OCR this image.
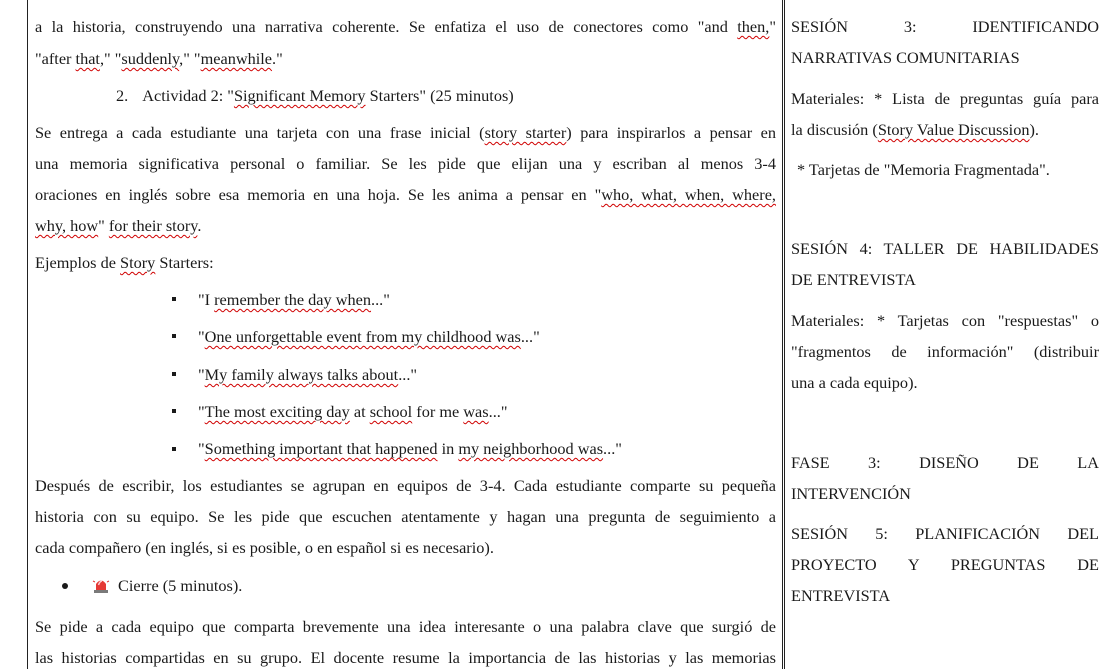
a la historia, construyendo una narrativa coherente. Se enfatiza el uso de conectores como "and then,"
"after that," "suddenly," "meanwhile."
2. Actividad 2: "Significant Memory Starters" (25 minutos)
Se entrega a cada estudiante una tarjeta con una frase inicial (story starter) para inspirarlos a pensar en
una memoria significativa personal o familiar. Se les pide que elijan una y escriban al menos 3-4
oraciones en inglés sobre esa memoria en una hoja. Se les anima a pensar en "who, what, when, where,
why, how" for their story.
Ejemplos de Story Starters:
"I remember the day when..."
"One unforgettable event from my childhood was..."
"My family always talks about..."
"The most exciting day at school for me was..."
"Something important that happened in my neighborhood was..."
Después de escribir, los estudiantes se agrupan en equipos de 3-4. Cada estudiante comparte su pequeña
historia con su equipo. Se les pide que escuchen atentamente y hagan una pregunta de seguimiento a
cada compañero (en inglés, si es posible, o en español si es necesario).
Cierre (5 minutos).
Se pide a cada equipo que comparta brevemente una idea interesante o una palabra clave que surgió de
las historias compartidas en su grupo. El docente resume la importancia de las historias y las memorias
SESIÓN 3: IDENTIFICANDO
NARRATIVAS COMUNITARIAS
Materiales: * Lista de preguntas guía para
la discusión (Story Value Discussion).
* Tarjetas de "Memoria Fragmentada".
SESIÓN 4: TALLER DE HABILIDADES
DE ENTREVISTA
Materiales: * Tarjetas con "respuestas" o
"fragmentos de información" (distribuir
una a cada equipo).
FASE 3: DISEÑO DE LA
INTERVENCIÓN
SESIÓN 5: PLANIFICACIÓN DEL
PROYECTO Y PREGUNTAS DE
ENTREVISTA
